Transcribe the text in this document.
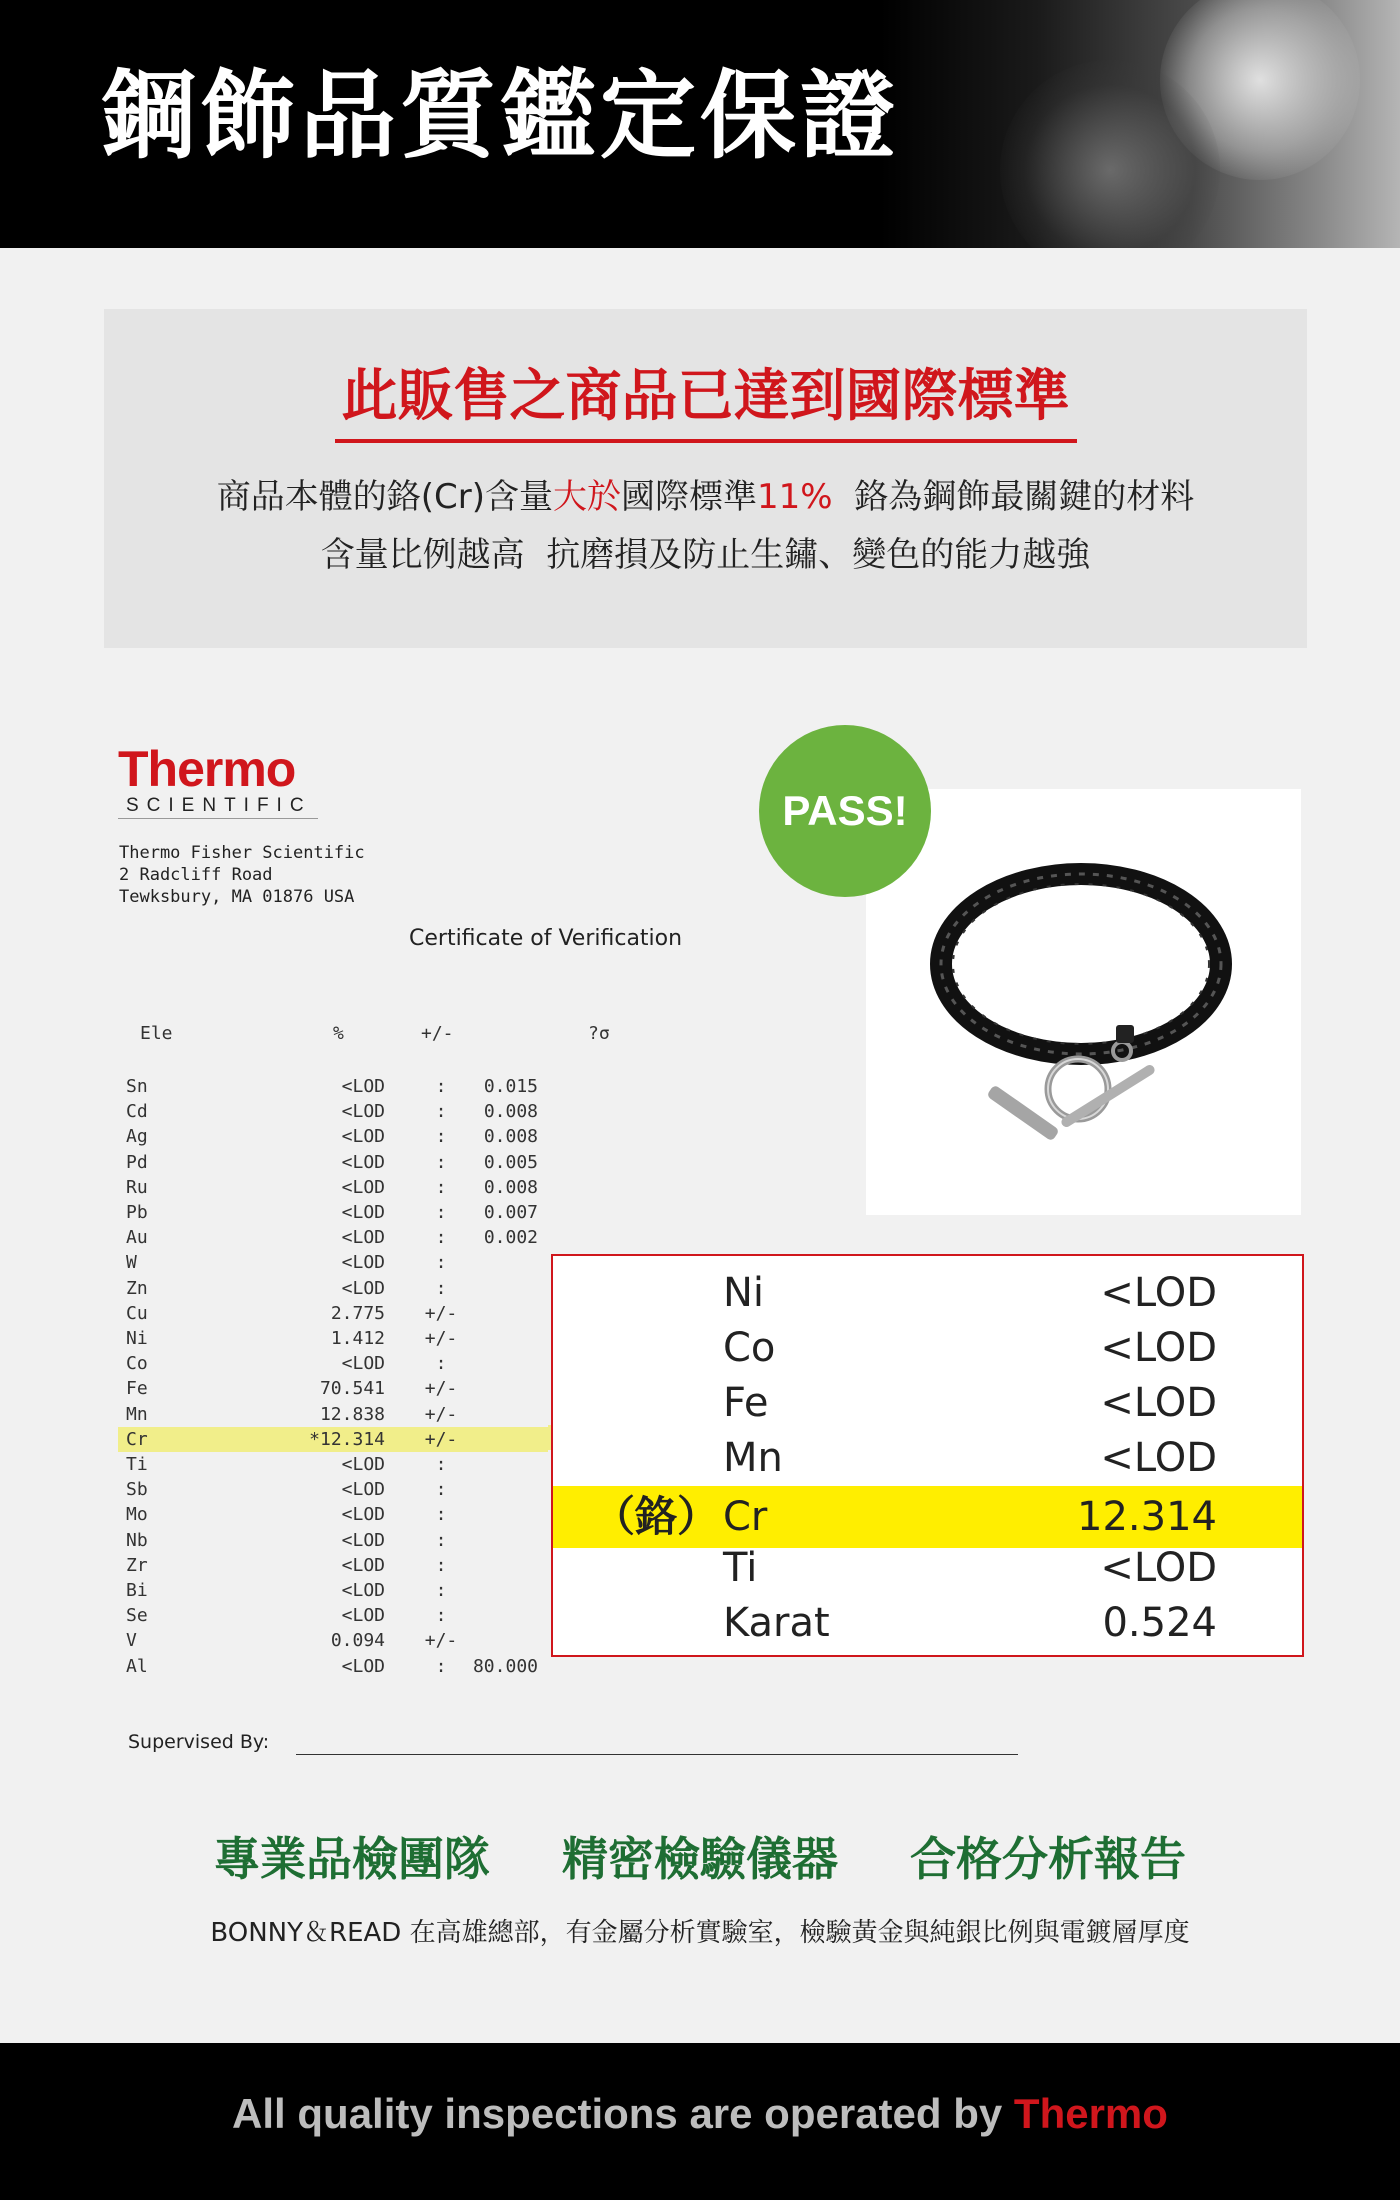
鋼飾品質鑑定保證
此販售之商品已達到國際標準
商品本體的鉻(Cr)含量大於國際標準11%  鉻為鋼飾最關鍵的材料
含量比例越高  抗磨損及防止生鏽、變色的能力越強
Thermo
SCIENTIFIC
Thermo Fisher Scientific
2 Radcliff Road
Tewksbury, MA 01876 USA
Certificate of Verification
Ele	%	+/-	?σ
Sn	<LOD	:	0.015
Cd	<LOD	:	0.008
Ag	<LOD	:	0.008
Pd	<LOD	:	0.005
Ru	<LOD	:	0.008
Pb	<LOD	:	0.007
Au	<LOD	:	0.002
W	<LOD	:
Zn	<LOD	:
Cu	2.775 +/-
Ni	1.412 +/-
Co	<LOD	:
Fe	70.541 +/-
Mn	12.838 +/-
Cr	*12.314 +/-
Ti	<LOD	:
Sb	<LOD	:
Mo	<LOD	:
Nb	<LOD	:
Zr	<LOD	:
Bi	<LOD	:
Se	<LOD	:
V	0.094 +/-
Al	<LOD	:	80.000
Supervised By:
PASS!
Ni	<LOD
Co	<LOD
Fe	<LOD
Mn	<LOD
（鉻） Cr	12.314
Ti	<LOD
Karat	0.524
專業品檢團隊  精密檢驗儀器  合格分析報告
BONNY＆READ 在高雄總部，有金屬分析實驗室，檢驗黃金與純銀比例與電鍍層厚度
All quality inspections are operated by Thermo
